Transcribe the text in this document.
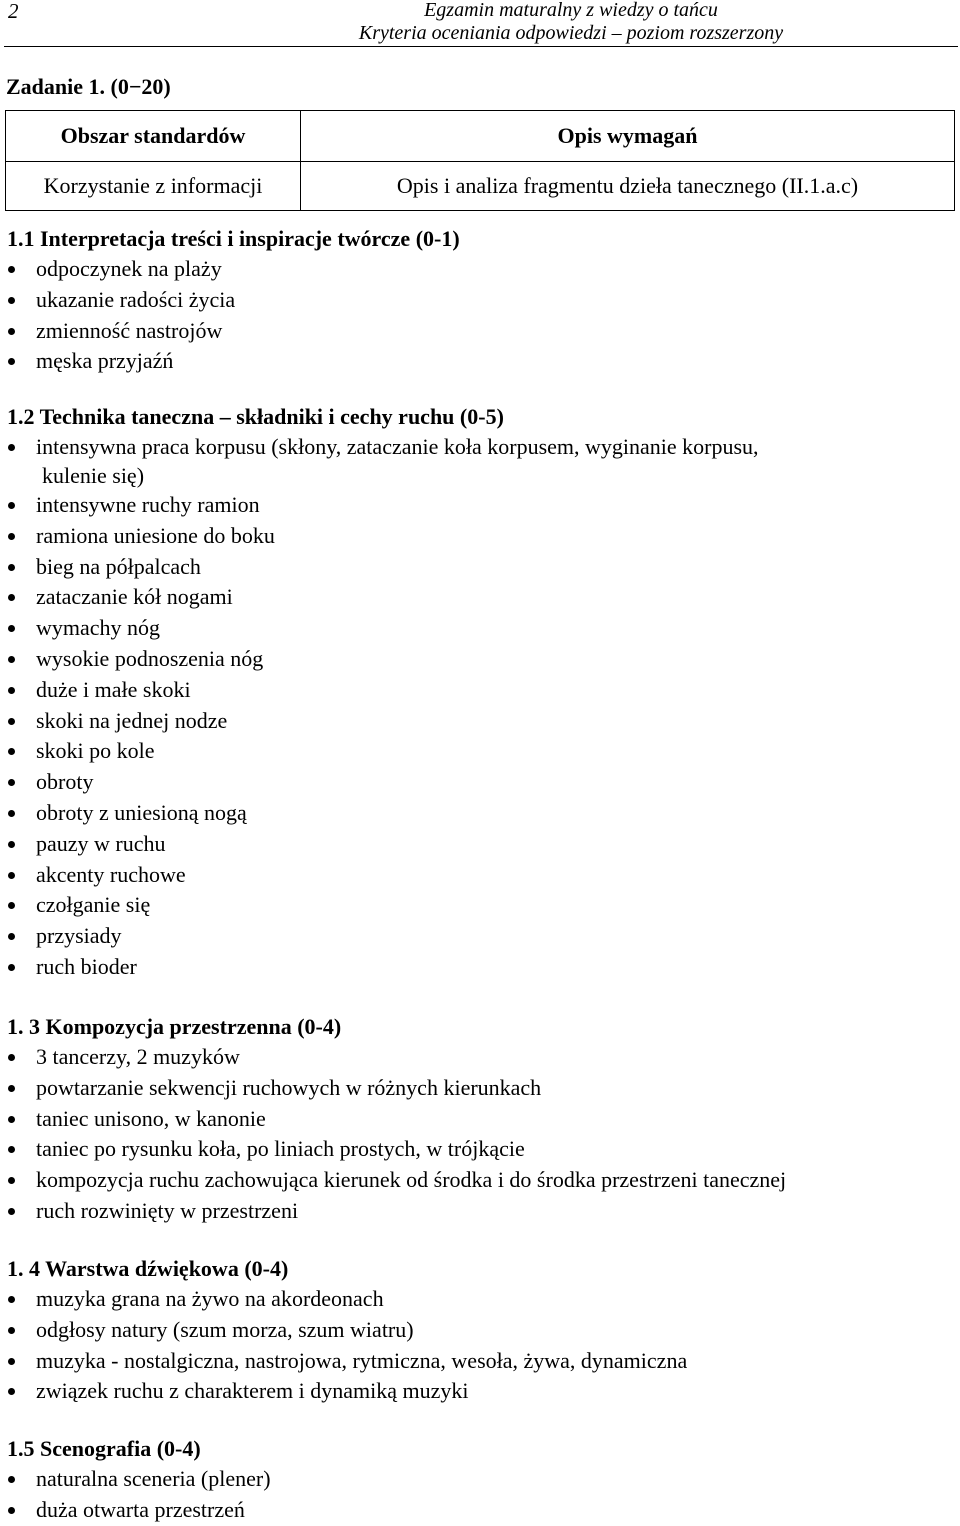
2	Egzamin maturalny z wiedzy o tańcu
Kryteria oceniania odpowiedzi – poziom rozszerzony
Zadanie 1. (0−20)
Obszar standardów	Opis wymagań
Korzystanie z informacji	Opis i analiza fragmentu dzieła tanecznego (II.1.a.c)
1.1 Interpretacja treści i inspiracje twórcze (0-1)
odpoczynek na plaży
ukazanie radości życia
zmienność nastrojów
męska przyjaźń
1.2 Technika taneczna – składniki i cechy ruchu (0-5)
intensywna praca korpusu (skłony, zataczanie koła korpusem, wyginanie korpusu,
kulenie się)
intensywne ruchy ramion
ramiona uniesione do boku
bieg na półpalcach
zataczanie kół nogami
wymachy nóg
wysokie podnoszenia nóg
duże i małe skoki
skoki na jednej nodze
skoki po kole
obroty
obroty z uniesioną nogą
pauzy w ruchu
akcenty ruchowe
czołganie się
przysiady
ruch bioder
1. 3 Kompozycja przestrzenna (0-4)
3 tancerzy, 2 muzyków
powtarzanie sekwencji ruchowych w różnych kierunkach
taniec unisono, w kanonie
taniec po rysunku koła, po liniach prostych, w trójkącie
kompozycja ruchu zachowująca kierunek od środka i do środka przestrzeni tanecznej
ruch rozwinięty w przestrzeni
1. 4 Warstwa dźwiękowa (0-4)
muzyka grana na żywo na akordeonach
odgłosy natury (szum morza, szum wiatru)
muzyka - nostalgiczna, nastrojowa, rytmiczna, wesoła, żywa, dynamiczna
związek ruchu z charakterem i dynamiką muzyki
1.5 Scenografia (0-4)
naturalna sceneria (plener)
duża otwarta przestrzeń
